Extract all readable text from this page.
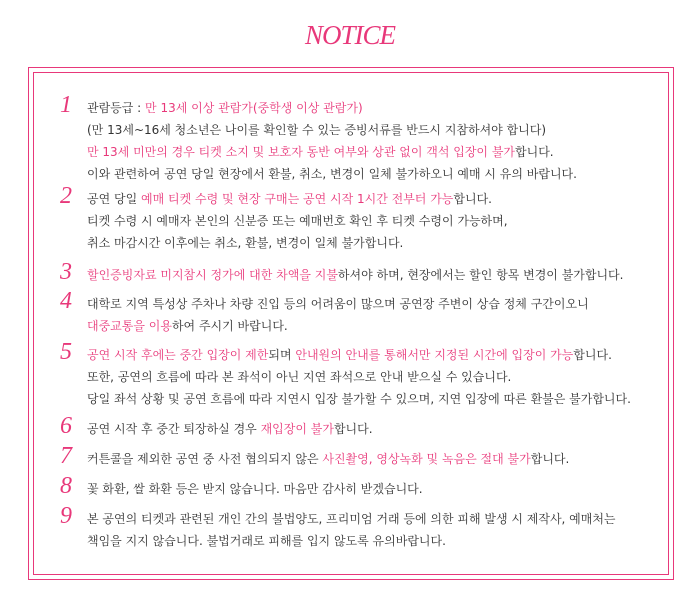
NOTICE
1 관람등급 : 만 13세 이상 관람가(중학생 이상 관람가)
(만 13세~16세 청소년은 나이를 확인할 수 있는 증빙서류를 반드시 지참하셔야 합니다)
만 13세 미만의 경우 티켓 소지 및 보호자 동반 여부와 상관 없이 객석 입장이 불가합니다.
이와 관련하여 공연 당일 현장에서 환불, 취소, 변경이 일체 불가하오니 예매 시 유의 바랍니다.
2 공연 당일 예매 티켓 수령 및 현장 구매는 공연 시작 1시간 전부터 가능합니다.
티켓 수령 시 예매자 본인의 신분증 또는 예매번호 확인 후 티켓 수령이 가능하며,
취소 마감시간 이후에는 취소, 환불, 변경이 일체 불가합니다.
3 할인증빙자료 미지참시 정가에 대한 차액을 지불하셔야 하며, 현장에서는 할인 항목 변경이 불가합니다.
4 대학로 지역 특성상 주차나 차량 진입 등의 어려움이 많으며 공연장 주변이 상습 정체 구간이오니
대중교통을 이용하여 주시기 바랍니다.
5 공연 시작 후에는 중간 입장이 제한되며 안내원의 안내를 통해서만 지정된 시간에 입장이 가능합니다.
또한, 공연의 흐름에 따라 본 좌석이 아닌 지연 좌석으로 안내 받으실 수 있습니다.
당일 좌석 상황 및 공연 흐름에 따라 지연시 입장 불가할 수 있으며, 지연 입장에 따른 환불은 불가합니다.
6 공연 시작 후 중간 퇴장하실 경우 재입장이 불가합니다.
7 커튼콜을 제외한 공연 중 사전 협의되지 않은 사진촬영, 영상녹화 및 녹음은 절대 불가합니다.
8 꽃 화환, 쌀 화환 등은 받지 않습니다. 마음만 감사히 받겠습니다.
9 본 공연의 티켓과 관련된 개인 간의 불법양도, 프리미엄 거래 등에 의한 피해 발생 시 제작사, 예매처는
책임을 지지 않습니다. 불법거래로 피해를 입지 않도록 유의바랍니다.
